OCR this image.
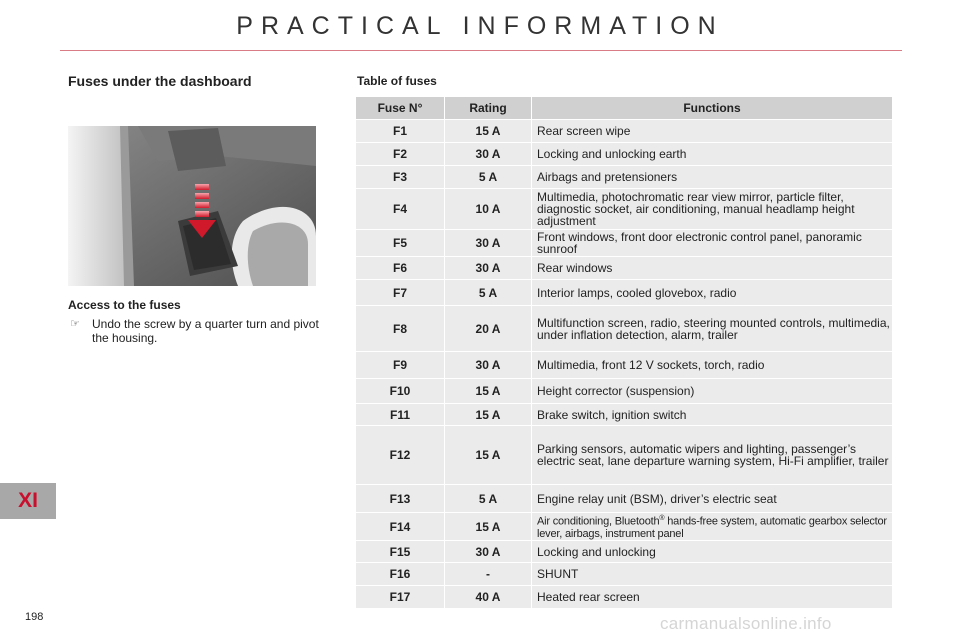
PRACTICAL INFORMATION
Fuses under the dashboard	Table of fuses
Access to the fuses
☞ Undo the screw by a quarter turn and pivot the housing.
Fuse N°	Rating	Functions
F1	15 A	Rear screen wipe
F2	30 A	Locking and unlocking earth
F3	5 A	Airbags and pretensioners
F4	10 A	Multimedia, photochromatic rear view mirror, particle filter, diagnostic socket, air conditioning, manual headlamp height adjustment
F5	30 A	Front windows, front door electronic control panel, panoramic sunroof
F6	30 A	Rear windows
F7	5 A	Interior lamps, cooled glovebox, radio
F8	20 A	Multifunction screen, radio, steering mounted controls, multimedia, under inflation detection, alarm, trailer
F9	30 A	Multimedia, front 12 V sockets, torch, radio
F10	15 A	Height corrector (suspension)
F11	15 A	Brake switch, ignition switch
F12	15 A	Parking sensors, automatic wipers and lighting, passenger’s electric seat, lane departure warning system, Hi-Fi amplifier, trailer
F13	5 A	Engine relay unit (BSM), driver’s electric seat
F14	15 A	Air conditioning, Bluetooth® hands-free system, automatic gearbox selector lever, airbags, instrument panel
F15	30 A	Locking and unlocking
F16	-	SHUNT
F17	40 A	Heated rear screen
XI
198	carmanualsonline.info
